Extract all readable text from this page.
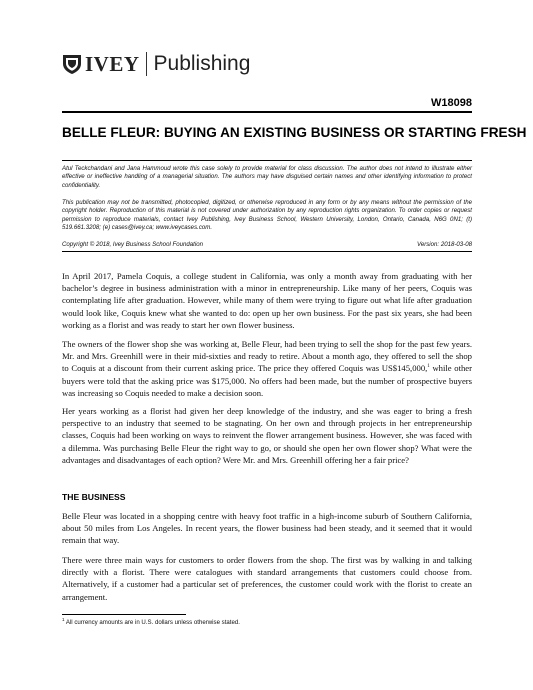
IVEY Publishing
W18098
BELLE FLEUR: BUYING AN EXISTING BUSINESS OR STARTING FRESH
Atul Teckchandani and Jana Hammoud wrote this case solely to provide material for class discussion. The author does not intend to illustrate either effective or ineffective handling of a managerial situation. The authors may have disguised certain names and other identifying information to protect confidentiality.
This publication may not be transmitted, photocopied, digitized, or otherwise reproduced in any form or by any means without the permission of the copyright holder. Reproduction of this material is not covered under authorization by any reproduction rights organization. To order copies or request permission to reproduce materials, contact Ivey Publishing, Ivey Business School, Western University, London, Ontario, Canada, N6G 0N1; (t) 519.661.3208; (e) cases@ivey.ca; www.iveycases.com.
Copyright © 2018, Ivey Business School Foundation	Version: 2018-03-08

In April 2017, Pamela Coquis, a college student in California, was only a month away from graduating with her bachelor’s degree in business administration with a minor in entrepreneurship. Like many of her peers, Coquis was contemplating life after graduation. However, while many of them were trying to figure out what life after graduation would look like, Coquis knew what she wanted to do: open up her own business. For the past six years, she had been working as a florist and was ready to start her own flower business.

The owners of the flower shop she was working at, Belle Fleur, had been trying to sell the shop for the past few years. Mr. and Mrs. Greenhill were in their mid-sixties and ready to retire. About a month ago, they offered to sell the shop to Coquis at a discount from their current asking price. The price they offered Coquis was US$145,000,$^1$ while other buyers were told that the asking price was $175,000. No offers had been made, but the number of prospective buyers was increasing so Coquis needed to make a decision soon.

Her years working as a florist had given her deep knowledge of the industry, and she was eager to bring a fresh perspective to an industry that seemed to be stagnating. On her own and through projects in her entrepreneurship classes, Coquis had been working on ways to reinvent the flower arrangement business. However, she was faced with a dilemma. Was purchasing Belle Fleur the right way to go, or should she open her own flower shop? What were the advantages and disadvantages of each option? Were Mr. and Mrs. Greenhill offering her a fair price?

THE BUSINESS

Belle Fleur was located in a shopping centre with heavy foot traffic in a high-income suburb of Southern California, about 50 miles from Los Angeles. In recent years, the flower business had been steady, and it seemed that it would remain that way.

There were three main ways for customers to order flowers from the shop. The first was by walking in and talking directly with a florist. There were catalogues with standard arrangements that customers could choose from. Alternatively, if a customer had a particular set of preferences, the customer could work with the florist to create an arrangement.

$^1$ All currency amounts are in U.S. dollars unless otherwise stated.
